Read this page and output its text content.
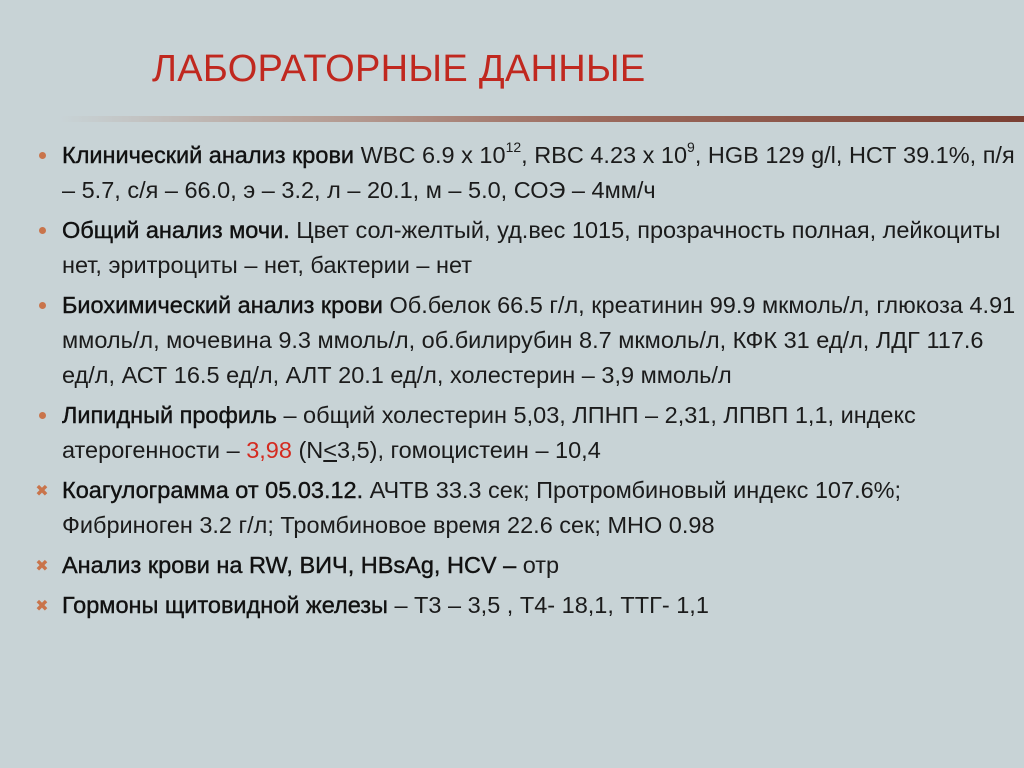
ЛАБОРАТОРНЫЕ ДАННЫЕ
Клинический анализ крови WBC 6.9 х $10^{12}$, RBC 4.23 х $10^9$, HGB 129 g/l, НСТ 39.1%, п/я – 5.7, с/я – 66.0, э – 3.2, л – 20.1, м – 5.0, СОЭ – 4мм/ч
Общий анализ мочи. Цвет сол-желтый, уд.вес 1015, прозрачность полная, лейкоциты нет, эритроциты – нет, бактерии – нет
Биохимический анализ крови Об.белок 66.5 г/л, креатинин 99.9 мкмоль/л, глюкоза 4.91 ммоль/л, мочевина 9.3 ммоль/л, об.билирубин 8.7 мкмоль/л, КФК 31 ед/л, ЛДГ 117.6 ед/л, АСТ 16.5 ед/л, АЛТ 20.1 ед/л, холестерин – 3,9 ммоль/л
Липидный профиль – общий холестерин 5,03, ЛПНП – 2,31, ЛПВП 1,1, индекс атерогенности – 3,98 (N<3,5), гомоцистеин – 10,4
✖ Коагулограмма от 05.03.12. АЧТВ 33.3 сек; Протромбиновый индекс 107.6%; Фибриноген 3.2 г/л; Тромбиновое время 22.6 сек; МНО 0.98
✖ Анализ крови на RW, ВИЧ, HBsAg, HCV – отр
✖ Гормоны щитовидной железы – Т3 – 3,5 , Т4- 18,1, ТТГ- 1,1
